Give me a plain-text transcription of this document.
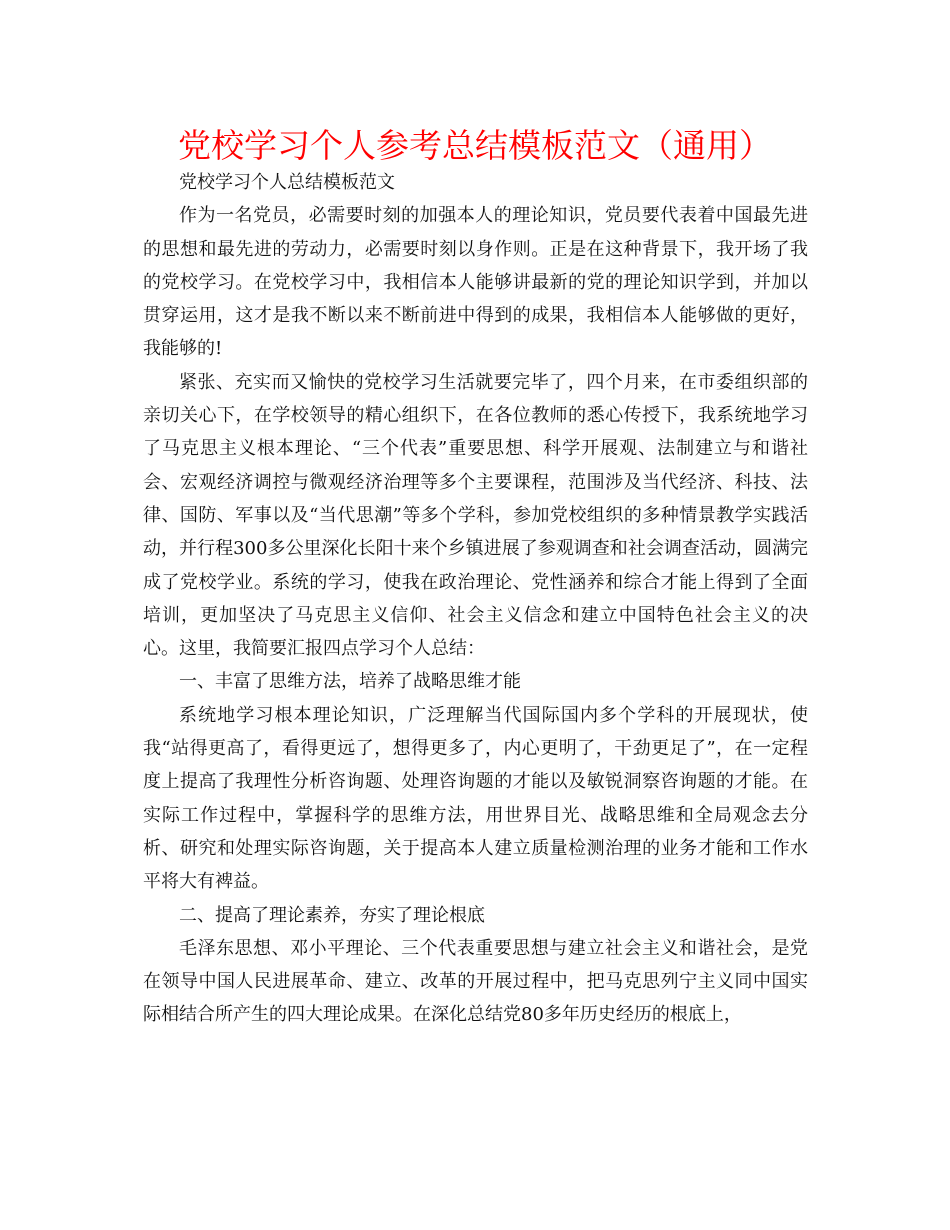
党校学习个人参考总结模板范文（通用）

党校学习个人总结模板范文

作为一名党员，必需要时刻的加强本人的理论知识，党员要代表着中国最先进的思想和最先进的劳动力，必需要时刻以身作则。正是在这种背景下，我开场了我的党校学习。在党校学习中，我相信本人能够讲最新的党的理论知识学到，并加以贯穿运用，这才是我不断以来不断前进中得到的成果，我相信本人能够做的更好，我能够的!

紧张、充实而又愉快的党校学习生活就要完毕了，四个月来，在市委组织部的亲切关心下，在学校领导的精心组织下，在各位教师的悉心传授下，我系统地学习了马克思主义根本理论、“三个代表”重要思想、科学开展观、法制建立与和谐社会、宏观经济调控与微观经济治理等多个主要课程，范围涉及当代经济、科技、法律、国防、军事以及“当代思潮”等多个学科，参加党校组织的多种情景教学实践活动，并行程300多公里深化长阳十来个乡镇进展了参观调查和社会调查活动，圆满完成了党校学业。系统的学习，使我在政治理论、党性涵养和综合才能上得到了全面培训，更加坚决了马克思主义信仰、社会主义信念和建立中国特色社会主义的决心。这里，我简要汇报四点学习个人总结：

一、丰富了思维方法，培养了战略思维才能

系统地学习根本理论知识，广泛理解当代国际国内多个学科的开展现状，使我“站得更高了，看得更远了，想得更多了，内心更明了，干劲更足了”，在一定程度上提高了我理性分析咨询题、处理咨询题的才能以及敏锐洞察咨询题的才能。在实际工作过程中，掌握科学的思维方法，用世界目光、战略思维和全局观念去分析、研究和处理实际咨询题，关于提高本人建立质量检测治理的业务才能和工作水平将大有裨益。

二、提高了理论素养，夯实了理论根底

毛泽东思想、邓小平理论、三个代表重要思想与建立社会主义和谐社会，是党在领导中国人民进展革命、建立、改革的开展过程中，把马克思列宁主义同中国实际相结合所产生的四大理论成果。在深化总结党80多年历史经历的根底上，
